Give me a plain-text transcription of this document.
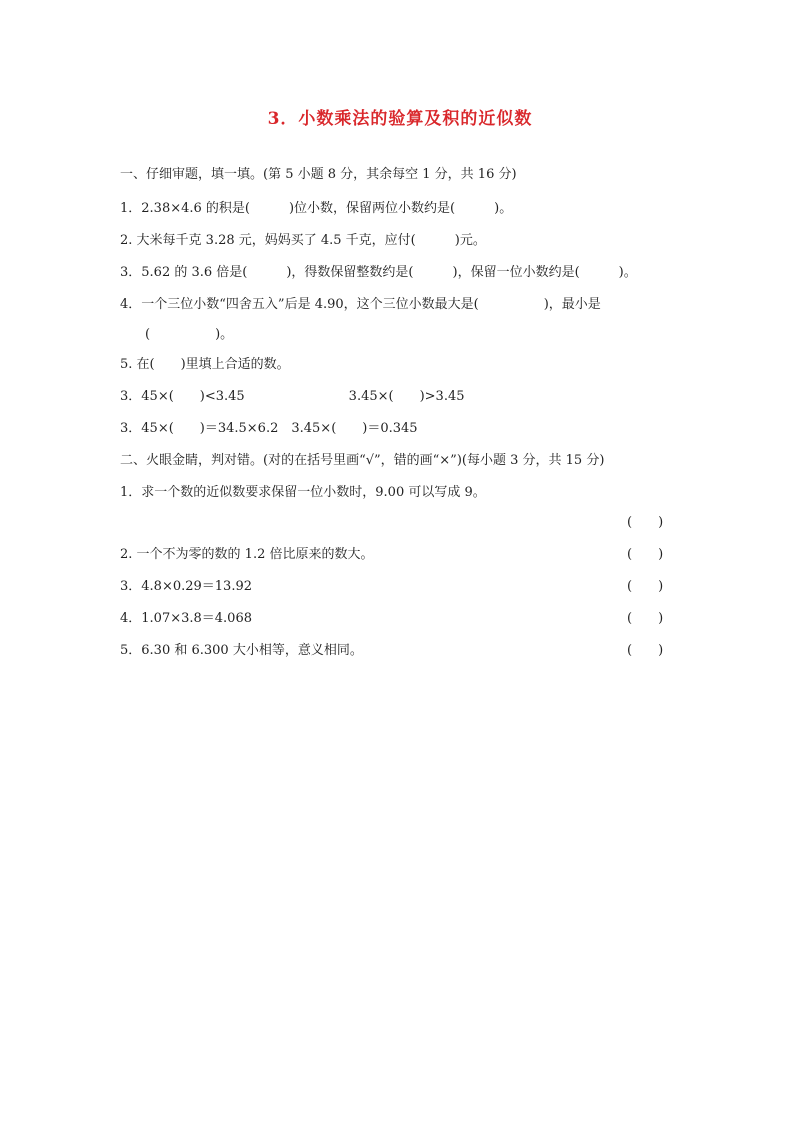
3．小数乘法的验算及积的近似数
一、仔细审题，填一填。(第 5 小题 8 分，其余每空 1 分，共 16 分)
1．2.38×4.6 的积是(　　　)位小数，保留两位小数约是(　　　)。
2. 大米每千克 3.28 元，妈妈买了 4.5 千克，应付(　　　)元。
3．5.62 的 3.6 倍是(　　　)，得数保留整数约是(　　　)，保留一位小数约是(　　　)。
4．一个三位小数“四舍五入”后是 4.90，这个三位小数最大是(　　　　　)，最小是
(　　　　　)。
5. 在(　　)里填上合适的数。
3．45×(　　)<3.45　　　　　　　　3.45×(　　)>3.45
3．45×(　　)＝34.5×6.2　3.45×(　　)＝0.345
二、火眼金睛，判对错。(对的在括号里画“√”，错的画“×”)(每小题 3 分，共 15 分)
1．求一个数的近似数要求保留一位小数时，9.00 可以写成 9。
(　　)
2. 一个不为零的数的 1.2 倍比原来的数大。	(　　)
3．4.8×0.29＝13.92	(　　)
4．1.07×3.8＝4.068	(　　)
5．6.30 和 6.300 大小相等，意义相同。	(　　)
